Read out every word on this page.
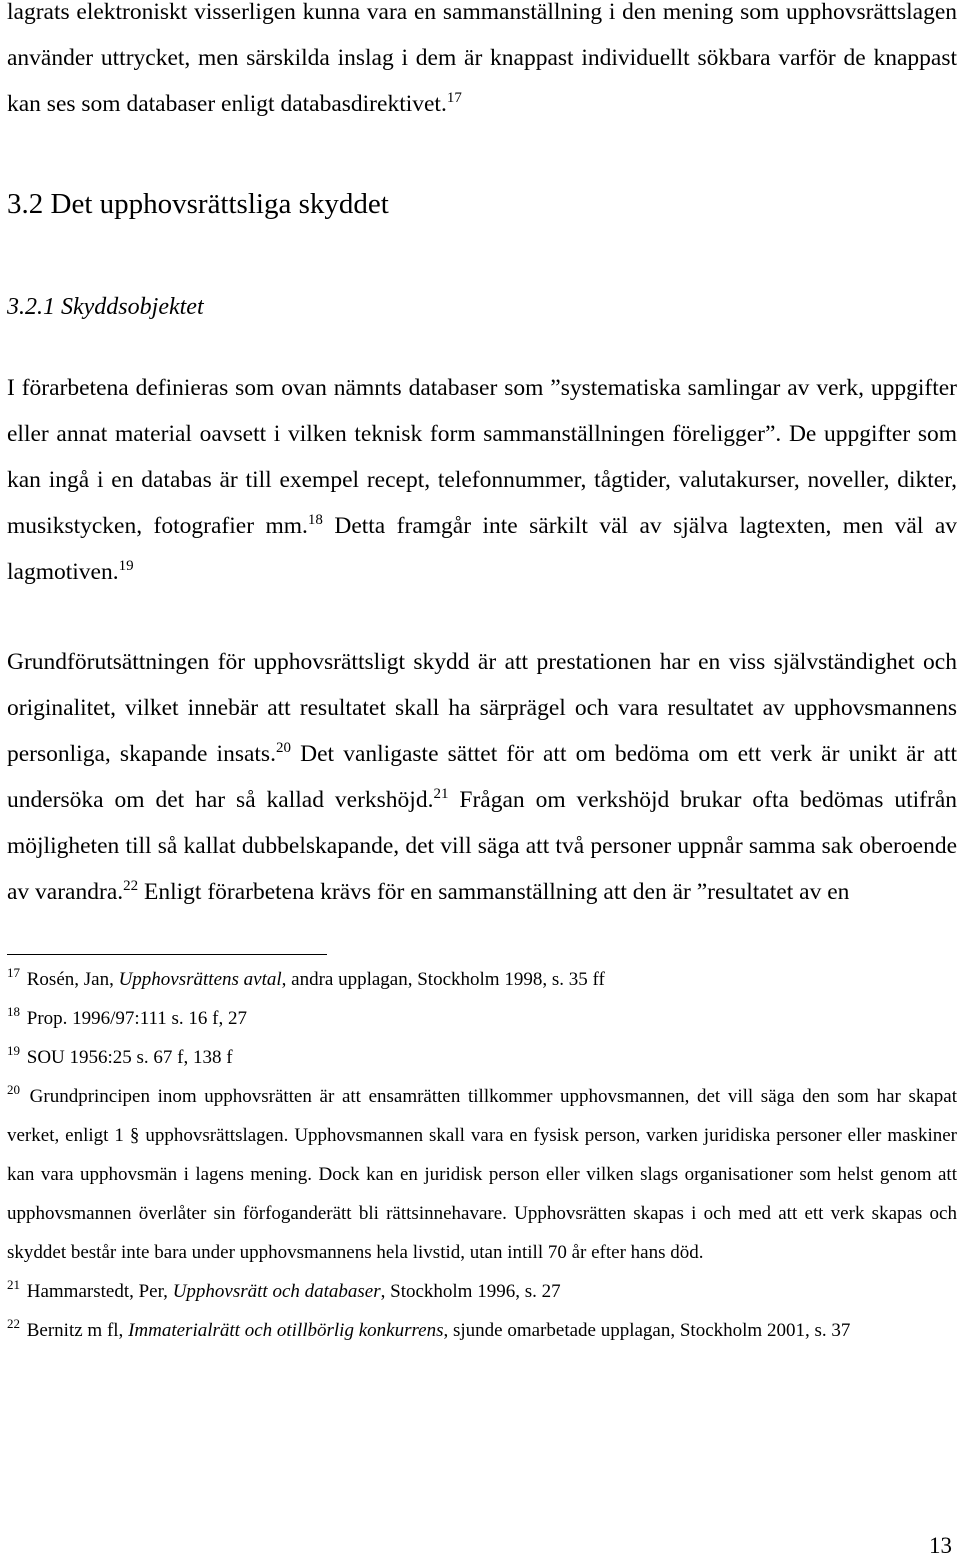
lagrats elektroniskt visserligen kunna vara en sammanställning i den mening som upphovsrättslagen använder uttrycket, men särskilda inslag i dem är knappast individuellt sökbara varför de knappast kan ses som databaser enligt databasdirektivet.$^{17}$

3.2 Det upphovsrättsliga skyddet
3.2.1 Skyddsobjektet

I förarbetena definieras som ovan nämnts databaser som ”systematiska samlingar av verk, uppgifter eller annat material oavsett i vilken teknisk form sammanställningen föreligger”. De uppgifter som kan ingå i en databas är till exempel recept, telefonnummer, tågtider, valutakurser, noveller, dikter, musikstycken, fotografier mm.$^{18}$ Detta framgår inte särkilt väl av själva lagtexten, men väl av lagmotiven.$^{19}$

Grundförutsättningen för upphovsrättsligt skydd är att prestationen har en viss självständighet och originalitet, vilket innebär att resultatet skall ha särprägel och vara resultatet av upphovsmannens personliga, skapande insats.$^{20}$ Det vanligaste sättet för att om bedöma om ett verk är unikt är att undersöka om det har så kallad verkshöjd.$^{21}$ Frågan om verkshöjd brukar ofta bedömas utifrån möjligheten till så kallat dubbelskapande, det vill säga att två personer uppnår samma sak oberoende av varandra.$^{22}$ Enligt förarbetena krävs för en sammanställning att den är ”resultatet av en

$^{17}$ Rosén, Jan, Upphovsrättens avtal, andra upplagan, Stockholm 1998, s. 35 ff

$^{18}$ Prop. 1996/97:111 s. 16 f, 27

$^{19}$ SOU 1956:25 s. 67 f, 138 f

$^{20}$ Grundprincipen inom upphovsrätten är att ensamrätten tillkommer upphovsmannen, det vill säga den som har skapat verket, enligt 1 § upphovsrättslagen. Upphovsmannen skall vara en fysisk person, varken juridiska personer eller maskiner kan vara upphovsmän i lagens mening. Dock kan en juridisk person eller vilken slags organisationer som helst genom att upphovsmannen överlåter sin förfoganderätt bli rättsinnehavare. Upphovsrätten skapas i och med att ett verk skapas och skyddet består inte bara under upphovsmannens hela livstid, utan intill 70 år efter hans död.

$^{21}$ Hammarstedt, Per, Upphovsrätt och databaser, Stockholm 1996, s. 27

$^{22}$ Bernitz m fl, Immaterialrätt och otillbörlig konkurrens, sjunde omarbetade upplagan, Stockholm 2001, s. 37

13
